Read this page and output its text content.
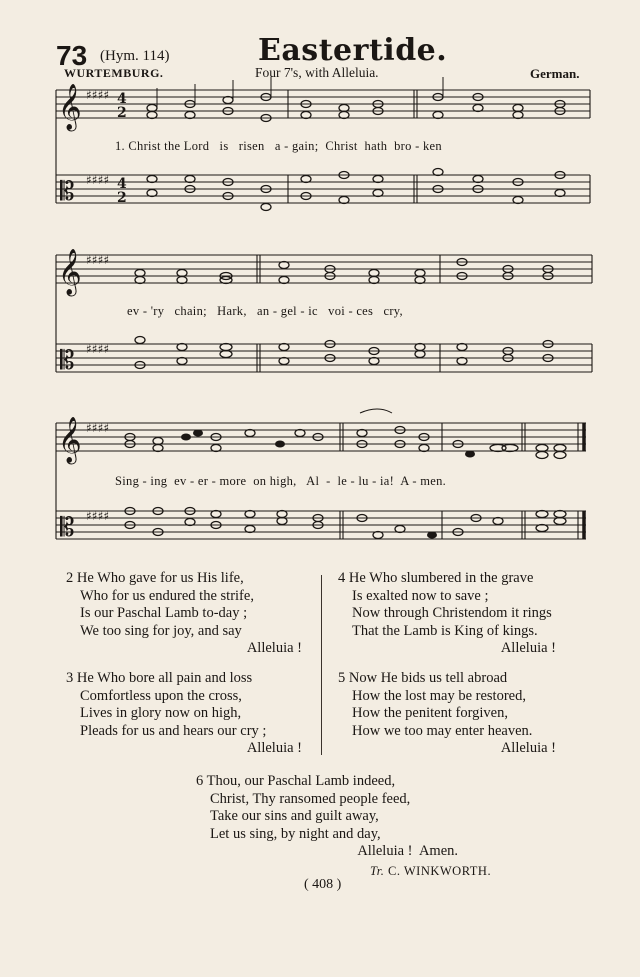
73 (Hym. 114)	Eastertide.
WURTEMBURG.	Four 7's, with Alleluia.	German.
𝄞
𝄡
♯♯♯♯
♯♯♯♯
4
2
4
2
1. Christ the Lord   is   risen   a - gain;  Christ  hath  bro - ken
𝄞
𝄡
♯♯♯♯
♯♯♯♯
ev - 'ry   chain;   Hark,   an - gel - ic   voi - ces   cry,
𝄞
𝄡
♯♯♯♯
♯♯♯♯
Sing - ing  ev - er - more  on high,   Al  -  le - lu - ia!  A - men.
2 He Who gave for us His life,
Who for us endured the strife,
Is our Paschal Lamb to-day ;
We too sing for joy, and say
Alleluia !
3 He Who bore all pain and loss
Comfortless upon the cross,
Lives in glory now on high,
Pleads for us and hears our cry ;
Alleluia !
4 He Who slumbered in the grave
Is exalted now to save ;
Now through Christendom it rings
That the Lamb is King of kings.
Alleluia !
5 Now He bids us tell abroad
How the lost may be restored,
How the penitent forgiven,
How we too may enter heaven.
Alleluia !
6 Thou, our Paschal Lamb indeed,
Christ, Thy ransomed people feed,
Take our sins and guilt away,
Let us sing, by night and day,
Alleluia !  Amen.
Tr. C. WINKWORTH.
( 408 )
